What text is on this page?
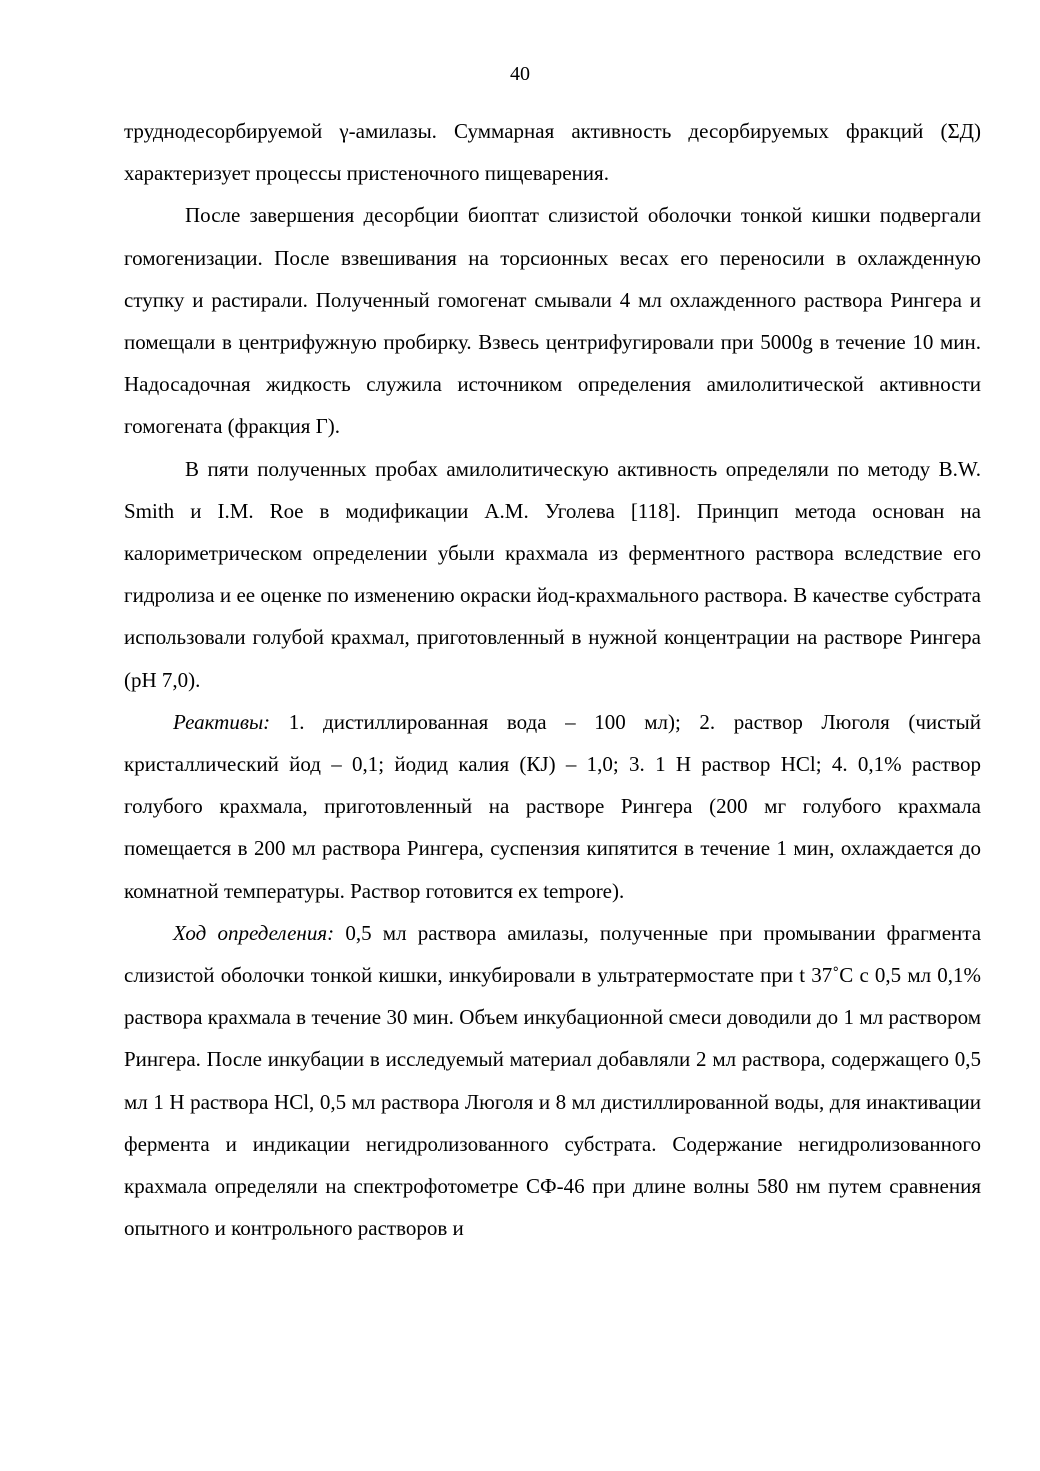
40

труднодесорбируемой γ-амилазы. Суммарная активность десорбируемых фракций (ΣД) характеризует процессы пристеночного пищеварения.

После завершения десорбции биоптат слизистой оболочки тонкой кишки подвергали гомогенизации. После взвешивания на торсионных весах его переносили в охлажденную ступку и растирали. Полученный гомогенат смывали 4 мл охлажденного раствора Рингера и помещали в центрифужную пробирку. Взвесь центрифугировали при 5000g в течение 10 мин. Надосадочная жидкость служила источником определения амилолитической активности гомогената (фракция Г).

В пяти полученных пробах амилолитическую активность определяли по методу B.W. Smith и I.M. Roe в модификации А.М. Уголева [118]. Принцип метода основан на калориметрическом определении убыли крахмала из ферментного раствора вследствие его гидролиза и ее оценке по изменению окраски йод-крахмального раствора. В качестве субстрата использовали голубой крахмал, приготовленный в нужной концентрации на растворе Рингера (pH 7,0).

Реактивы: 1. дистиллированная вода – 100 мл); 2. раствор Люголя (чистый кристаллический йод – 0,1; йодид калия (КJ) – 1,0; 3. 1 Н раствор HCl; 4. 0,1% раствор голубого крахмала, приготовленный на растворе Рингера (200 мг голубого крахмала помещается в 200 мл раствора Рингера, суспензия кипятится в течение 1 мин, охлаждается до комнатной температуры. Раствор готовится ex tempore).

Ход определения: 0,5 мл раствора амилазы, полученные при промывании фрагмента слизистой оболочки тонкой кишки, инкубировали в ультратермостате при t 37˚С с 0,5 мл 0,1% раствора крахмала в течение 30 мин. Объем инкубационной смеси доводили до 1 мл раствором Рингера. После инкубации в исследуемый материал добавляли 2 мл раствора, содержащего 0,5 мл 1 Н раствора HCl, 0,5 мл раствора Люголя и 8 мл дистиллированной воды, для инактивации фермента и индикации негидролизованного субстрата. Содержание негидролизованного крахмала определяли на спектрофотометре СФ-46 при длине волны 580 нм путем сравнения опытного и контрольного растворов и
